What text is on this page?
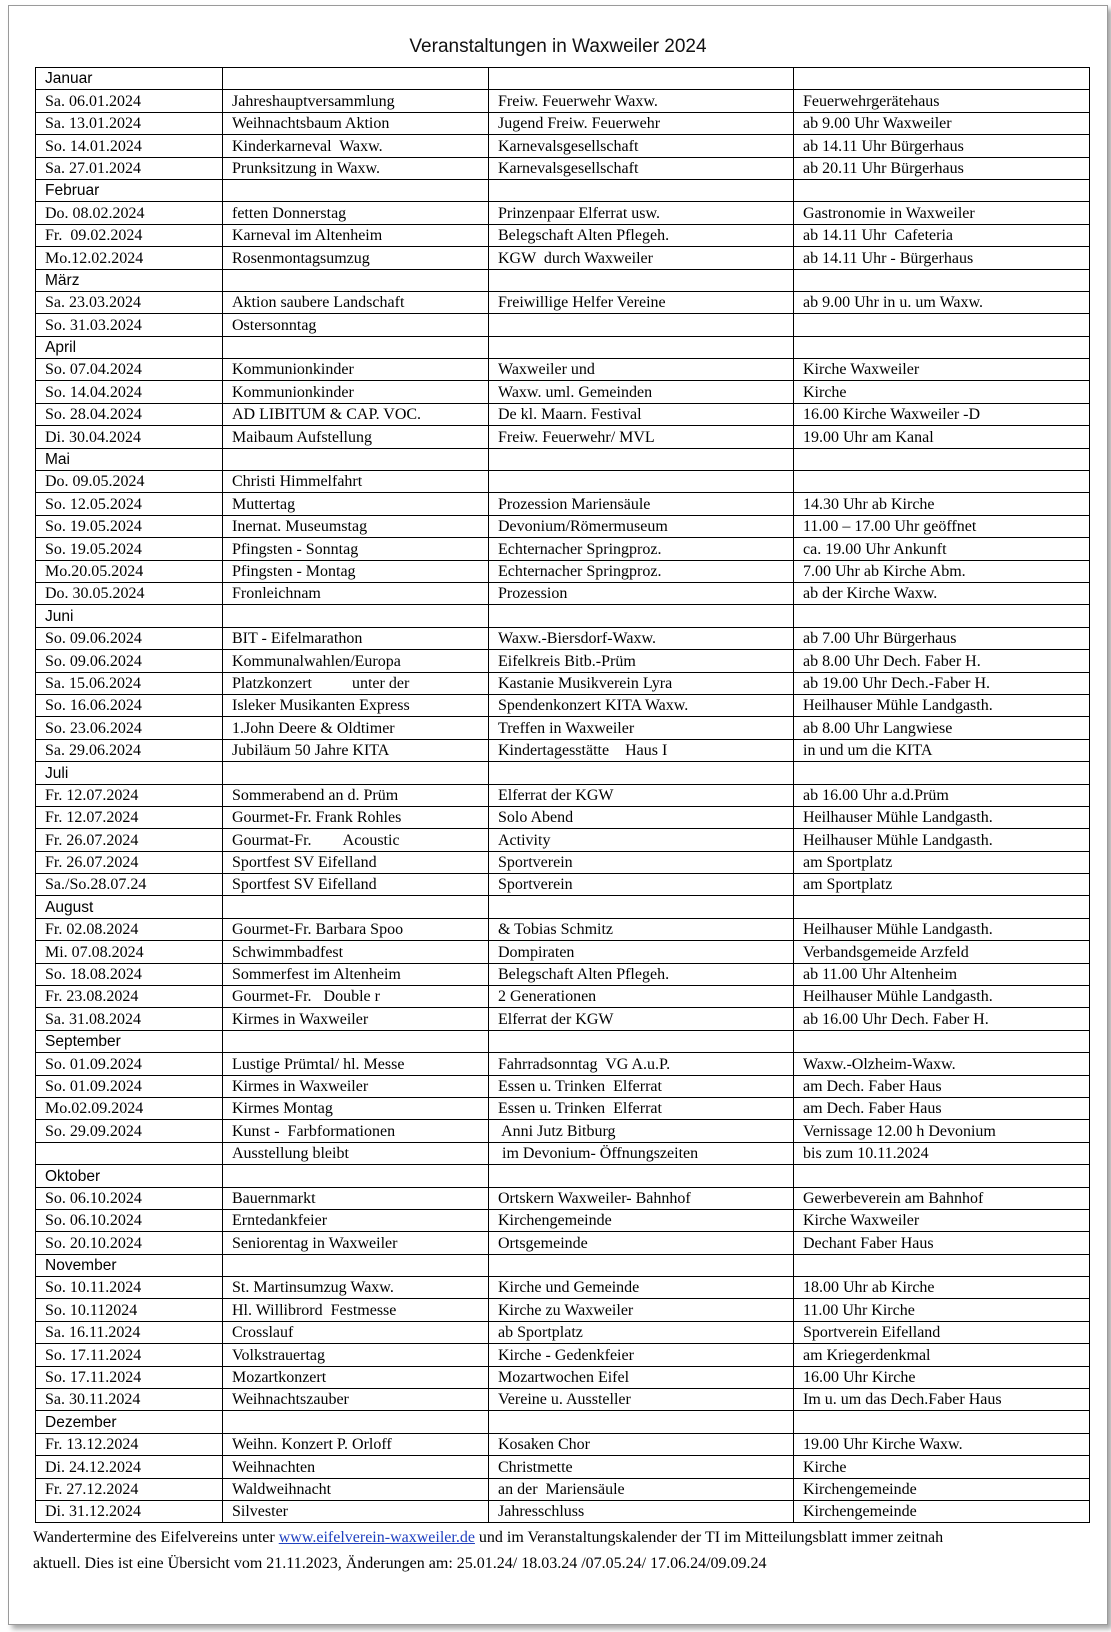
Veranstaltungen in Waxweiler 2024
Januar			
Sa. 06.01.2024	Jahreshauptversammlung	Freiw. Feuerwehr Waxw.	Feuerwehrgerätehaus
Sa. 13.01.2024	Weihnachtsbaum Aktion	Jugend Freiw. Feuerwehr	ab 9.00 Uhr Waxweiler
So. 14.01.2024	Kinderkarneval  Waxw.	Karnevalsgesellschaft	ab 14.11 Uhr Bürgerhaus
Sa. 27.01.2024	Prunksitzung in Waxw.	Karnevalsgesellschaft	ab 20.11 Uhr Bürgerhaus
Februar			
Do. 08.02.2024	fetten Donnerstag	Prinzenpaar Elferrat usw.	Gastronomie in Waxweiler
Fr.  09.02.2024	Karneval im Altenheim	Belegschaft Alten Pflegeh.	ab 14.11 Uhr  Cafeteria
Mo.12.02.2024	Rosenmontagsumzug	KGW  durch Waxweiler	ab 14.11 Uhr - Bürgerhaus
März			
Sa. 23.03.2024	Aktion saubere Landschaft	Freiwillige Helfer Vereine	ab 9.00 Uhr in u. um Waxw.
So. 31.03.2024	Ostersonntag		
April			
So. 07.04.2024	Kommunionkinder	Waxweiler und	Kirche Waxweiler
So. 14.04.2024	Kommunionkinder	Waxw. uml. Gemeinden	Kirche
So. 28.04.2024	AD LIBITUM & CAP. VOC.	De kl. Maarn. Festival	16.00 Kirche Waxweiler -D
Di. 30.04.2024	Maibaum Aufstellung	Freiw. Feuerwehr/ MVL	19.00 Uhr am Kanal
Mai			
Do. 09.05.2024	Christi Himmelfahrt		
So. 12.05.2024	Muttertag	Prozession Mariensäule	14.30 Uhr ab Kirche
So. 19.05.2024	Inernat. Museumstag	Devonium/Römermuseum	11.00 – 17.00 Uhr geöffnet
So. 19.05.2024	Pfingsten - Sonntag	Echternacher Springproz.	ca. 19.00 Uhr Ankunft
Mo.20.05.2024	Pfingsten - Montag	Echternacher Springproz.	7.00 Uhr ab Kirche Abm.
Do. 30.05.2024	Fronleichnam	Prozession	ab der Kirche Waxw.
Juni			
So. 09.06.2024	BIT - Eifelmarathon	Waxw.-Biersdorf-Waxw.	ab 7.00 Uhr Bürgerhaus
So. 09.06.2024	Kommunalwahlen/Europa	Eifelkreis Bitb.-Prüm	ab 8.00 Uhr Dech. Faber H.
Sa. 15.06.2024	Platzkonzert          unter der	Kastanie Musikverein Lyra	ab 19.00 Uhr Dech.-Faber H.
So. 16.06.2024	Isleker Musikanten Express	Spendenkonzert KITA Waxw.	Heilhauser Mühle Landgasth.
So. 23.06.2024	1.John Deere & Oldtimer	Treffen in Waxweiler	ab 8.00 Uhr Langwiese
Sa. 29.06.2024	Jubiläum 50 Jahre KITA	Kindertagesstätte    Haus I	in und um die KITA
Juli			
Fr. 12.07.2024	Sommerabend an d. Prüm	Elferrat der KGW	ab 16.00 Uhr a.d.Prüm
Fr. 12.07.2024	Gourmet-Fr. Frank Rohles	Solo Abend	Heilhauser Mühle Landgasth.
Fr. 26.07.2024	Gourmat-Fr.        Acoustic	Activity	Heilhauser Mühle Landgasth.
Fr. 26.07.2024	Sportfest SV Eifelland	Sportverein	am Sportplatz
Sa./So.28.07.24	Sportfest SV Eifelland	Sportverein	am Sportplatz
August			
Fr. 02.08.2024	Gourmet-Fr. Barbara Spoo	& Tobias Schmitz	Heilhauser Mühle Landgasth.
Mi. 07.08.2024	Schwimmbadfest	Dompiraten	Verbandsgemeide Arzfeld
So. 18.08.2024	Sommerfest im Altenheim	Belegschaft Alten Pflegeh.	ab 11.00 Uhr Altenheim
Fr. 23.08.2024	Gourmet-Fr.   Double r	2 Generationen	Heilhauser Mühle Landgasth.
Sa. 31.08.2024	Kirmes in Waxweiler	Elferrat der KGW	ab 16.00 Uhr Dech. Faber H.
September			
So. 01.09.2024	Lustige Prümtal/ hl. Messe	Fahrradsonntag  VG A.u.P.	Waxw.-Olzheim-Waxw.
So. 01.09.2024	Kirmes in Waxweiler	Essen u. Trinken  Elferrat	am Dech. Faber Haus
Mo.02.09.2024	Kirmes Montag	Essen u. Trinken  Elferrat	am Dech. Faber Haus
So. 29.09.2024	Kunst -  Farbformationen	Anni Jutz Bitburg	Vernissage 12.00 h Devonium
	Ausstellung bleibt	im Devonium- Öffnungszeiten	bis zum 10.11.2024
Oktober			
So. 06.10.2024	Bauernmarkt	Ortskern Waxweiler- Bahnhof	Gewerbeverein am Bahnhof
So. 06.10.2024	Erntedankfeier	Kirchengemeinde	Kirche Waxweiler
So. 20.10.2024	Seniorentag in Waxweiler	Ortsgemeinde	Dechant Faber Haus
November			
So. 10.11.2024	St. Martinsumzug Waxw.	Kirche und Gemeinde	18.00 Uhr ab Kirche
So. 10.112024	Hl. Willibrord  Festmesse	Kirche zu Waxweiler	11.00 Uhr Kirche
Sa. 16.11.2024	Crosslauf	ab Sportplatz	Sportverein Eifelland
So. 17.11.2024	Volkstrauertag	Kirche - Gedenkfeier	am Kriegerdenkmal
So. 17.11.2024	Mozartkonzert	Mozartwochen Eifel	16.00 Uhr Kirche
Sa. 30.11.2024	Weihnachtszauber	Vereine u. Aussteller	Im u. um das Dech.Faber Haus
Dezember			
Fr. 13.12.2024	Weihn. Konzert P. Orloff	Kosaken Chor	19.00 Uhr Kirche Waxw.
Di. 24.12.2024	Weihnachten	Christmette	Kirche
Fr. 27.12.2024	Waldweihnacht	an der  Mariensäule	Kirchengemeinde
Di. 31.12.2024	Silvester	Jahresschluss	Kirchengemeinde
Wandertermine des Eifelvereins unter www.eifelverein-waxweiler.de und im Veranstaltungskalender der TI im Mitteilungsblatt immer zeitnah
aktuell. Dies ist eine Übersicht vom 21.11.2023, Änderungen am: 25.01.24/ 18.03.24 /07.05.24/ 17.06.24/09.09.24
